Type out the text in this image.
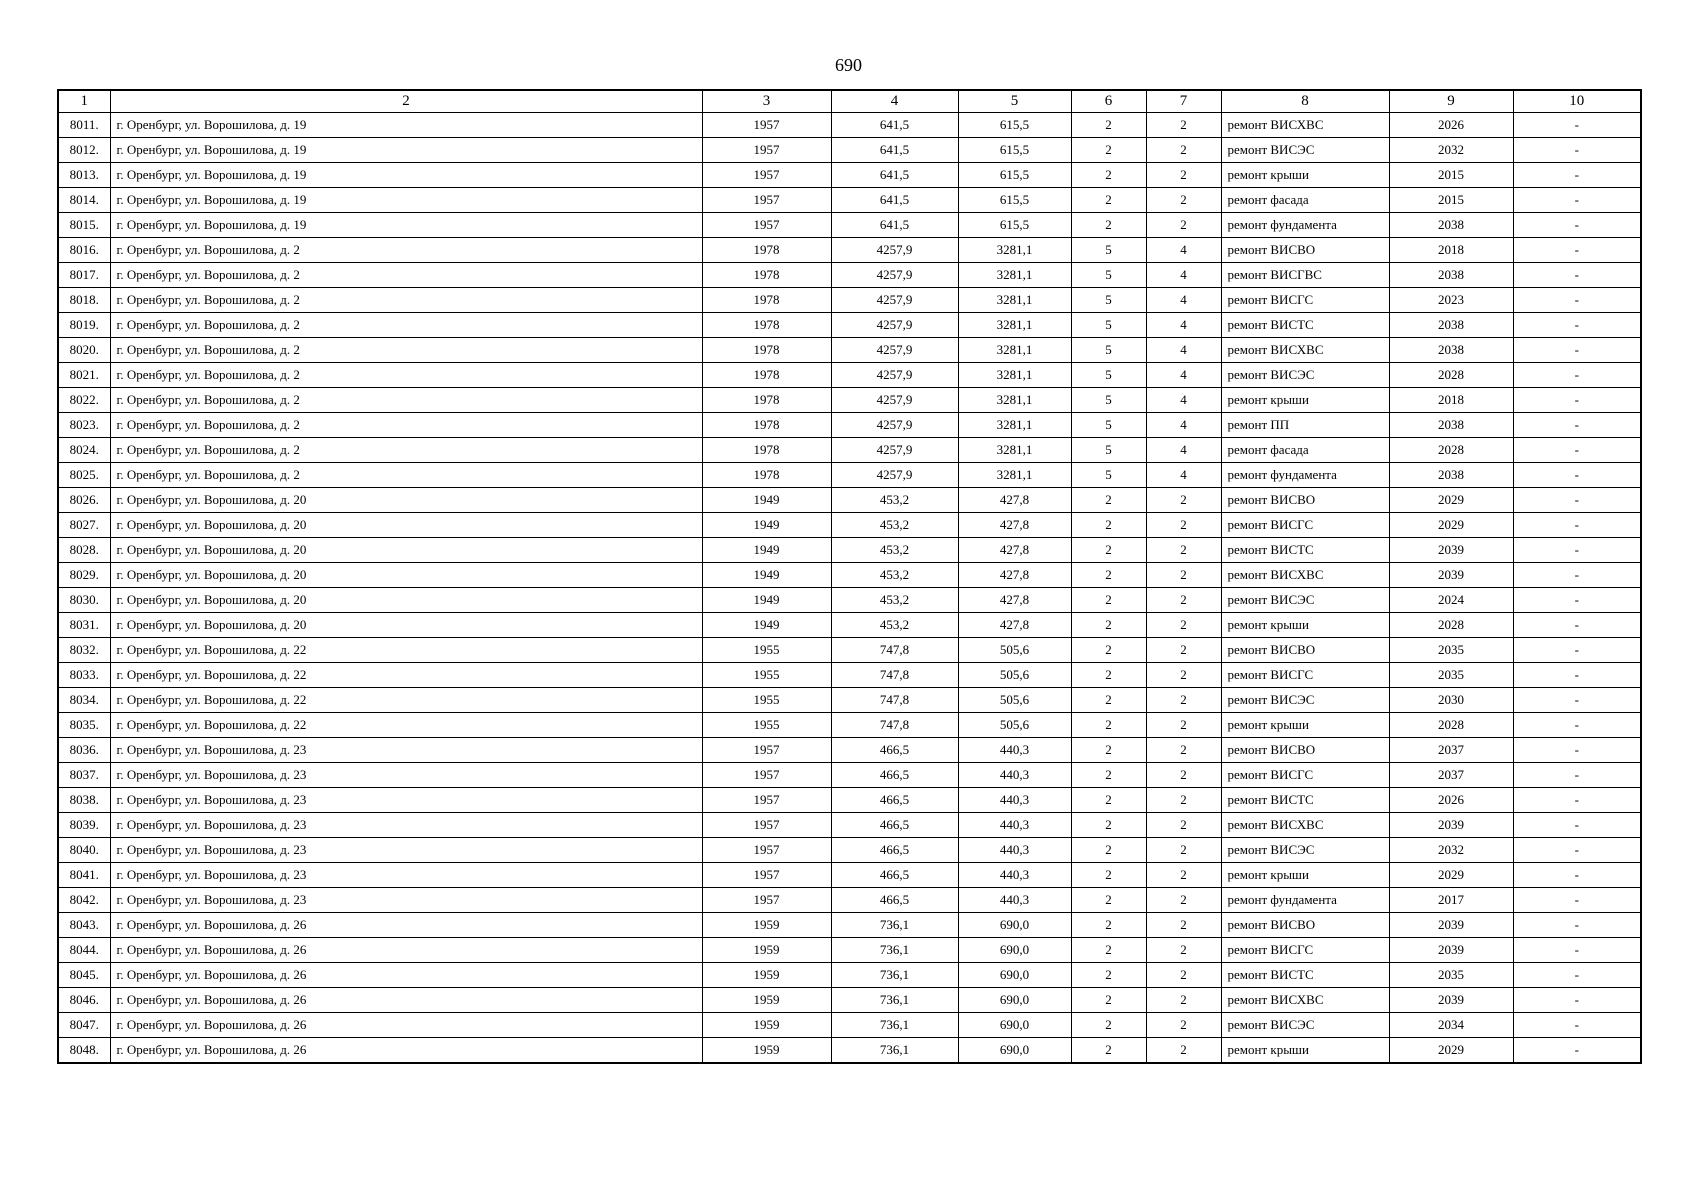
690
1	2	3	4	5	6	7	8	9	10
8011.	г. Оренбург, ул. Ворошилова, д. 19	1957	641,5	615,5	2	2	ремонт ВИСХВС	2026	-
8012.	г. Оренбург, ул. Ворошилова, д. 19	1957	641,5	615,5	2	2	ремонт ВИСЭС	2032	-
8013.	г. Оренбург, ул. Ворошилова, д. 19	1957	641,5	615,5	2	2	ремонт крыши	2015	-
8014.	г. Оренбург, ул. Ворошилова, д. 19	1957	641,5	615,5	2	2	ремонт фасада	2015	-
8015.	г. Оренбург, ул. Ворошилова, д. 19	1957	641,5	615,5	2	2	ремонт фундамента	2038	-
8016.	г. Оренбург, ул. Ворошилова, д. 2	1978	4257,9	3281,1	5	4	ремонт ВИСВО	2018	-
8017.	г. Оренбург, ул. Ворошилова, д. 2	1978	4257,9	3281,1	5	4	ремонт ВИСГВС	2038	-
8018.	г. Оренбург, ул. Ворошилова, д. 2	1978	4257,9	3281,1	5	4	ремонт ВИСГС	2023	-
8019.	г. Оренбург, ул. Ворошилова, д. 2	1978	4257,9	3281,1	5	4	ремонт ВИСТС	2038	-
8020.	г. Оренбург, ул. Ворошилова, д. 2	1978	4257,9	3281,1	5	4	ремонт ВИСХВС	2038	-
8021.	г. Оренбург, ул. Ворошилова, д. 2	1978	4257,9	3281,1	5	4	ремонт ВИСЭС	2028	-
8022.	г. Оренбург, ул. Ворошилова, д. 2	1978	4257,9	3281,1	5	4	ремонт крыши	2018	-
8023.	г. Оренбург, ул. Ворошилова, д. 2	1978	4257,9	3281,1	5	4	ремонт ПП	2038	-
8024.	г. Оренбург, ул. Ворошилова, д. 2	1978	4257,9	3281,1	5	4	ремонт фасада	2028	-
8025.	г. Оренбург, ул. Ворошилова, д. 2	1978	4257,9	3281,1	5	4	ремонт фундамента	2038	-
8026.	г. Оренбург, ул. Ворошилова, д. 20	1949	453,2	427,8	2	2	ремонт ВИСВО	2029	-
8027.	г. Оренбург, ул. Ворошилова, д. 20	1949	453,2	427,8	2	2	ремонт ВИСГС	2029	-
8028.	г. Оренбург, ул. Ворошилова, д. 20	1949	453,2	427,8	2	2	ремонт ВИСТС	2039	-
8029.	г. Оренбург, ул. Ворошилова, д. 20	1949	453,2	427,8	2	2	ремонт ВИСХВС	2039	-
8030.	г. Оренбург, ул. Ворошилова, д. 20	1949	453,2	427,8	2	2	ремонт ВИСЭС	2024	-
8031.	г. Оренбург, ул. Ворошилова, д. 20	1949	453,2	427,8	2	2	ремонт крыши	2028	-
8032.	г. Оренбург, ул. Ворошилова, д. 22	1955	747,8	505,6	2	2	ремонт ВИСВО	2035	-
8033.	г. Оренбург, ул. Ворошилова, д. 22	1955	747,8	505,6	2	2	ремонт ВИСГС	2035	-
8034.	г. Оренбург, ул. Ворошилова, д. 22	1955	747,8	505,6	2	2	ремонт ВИСЭС	2030	-
8035.	г. Оренбург, ул. Ворошилова, д. 22	1955	747,8	505,6	2	2	ремонт крыши	2028	-
8036.	г. Оренбург, ул. Ворошилова, д. 23	1957	466,5	440,3	2	2	ремонт ВИСВО	2037	-
8037.	г. Оренбург, ул. Ворошилова, д. 23	1957	466,5	440,3	2	2	ремонт ВИСГС	2037	-
8038.	г. Оренбург, ул. Ворошилова, д. 23	1957	466,5	440,3	2	2	ремонт ВИСТС	2026	-
8039.	г. Оренбург, ул. Ворошилова, д. 23	1957	466,5	440,3	2	2	ремонт ВИСХВС	2039	-
8040.	г. Оренбург, ул. Ворошилова, д. 23	1957	466,5	440,3	2	2	ремонт ВИСЭС	2032	-
8041.	г. Оренбург, ул. Ворошилова, д. 23	1957	466,5	440,3	2	2	ремонт крыши	2029	-
8042.	г. Оренбург, ул. Ворошилова, д. 23	1957	466,5	440,3	2	2	ремонт фундамента	2017	-
8043.	г. Оренбург, ул. Ворошилова, д. 26	1959	736,1	690,0	2	2	ремонт ВИСВО	2039	-
8044.	г. Оренбург, ул. Ворошилова, д. 26	1959	736,1	690,0	2	2	ремонт ВИСГС	2039	-
8045.	г. Оренбург, ул. Ворошилова, д. 26	1959	736,1	690,0	2	2	ремонт ВИСТС	2035	-
8046.	г. Оренбург, ул. Ворошилова, д. 26	1959	736,1	690,0	2	2	ремонт ВИСХВС	2039	-
8047.	г. Оренбург, ул. Ворошилова, д. 26	1959	736,1	690,0	2	2	ремонт ВИСЭС	2034	-
8048.	г. Оренбург, ул. Ворошилова, д. 26	1959	736,1	690,0	2	2	ремонт крыши	2029	-
